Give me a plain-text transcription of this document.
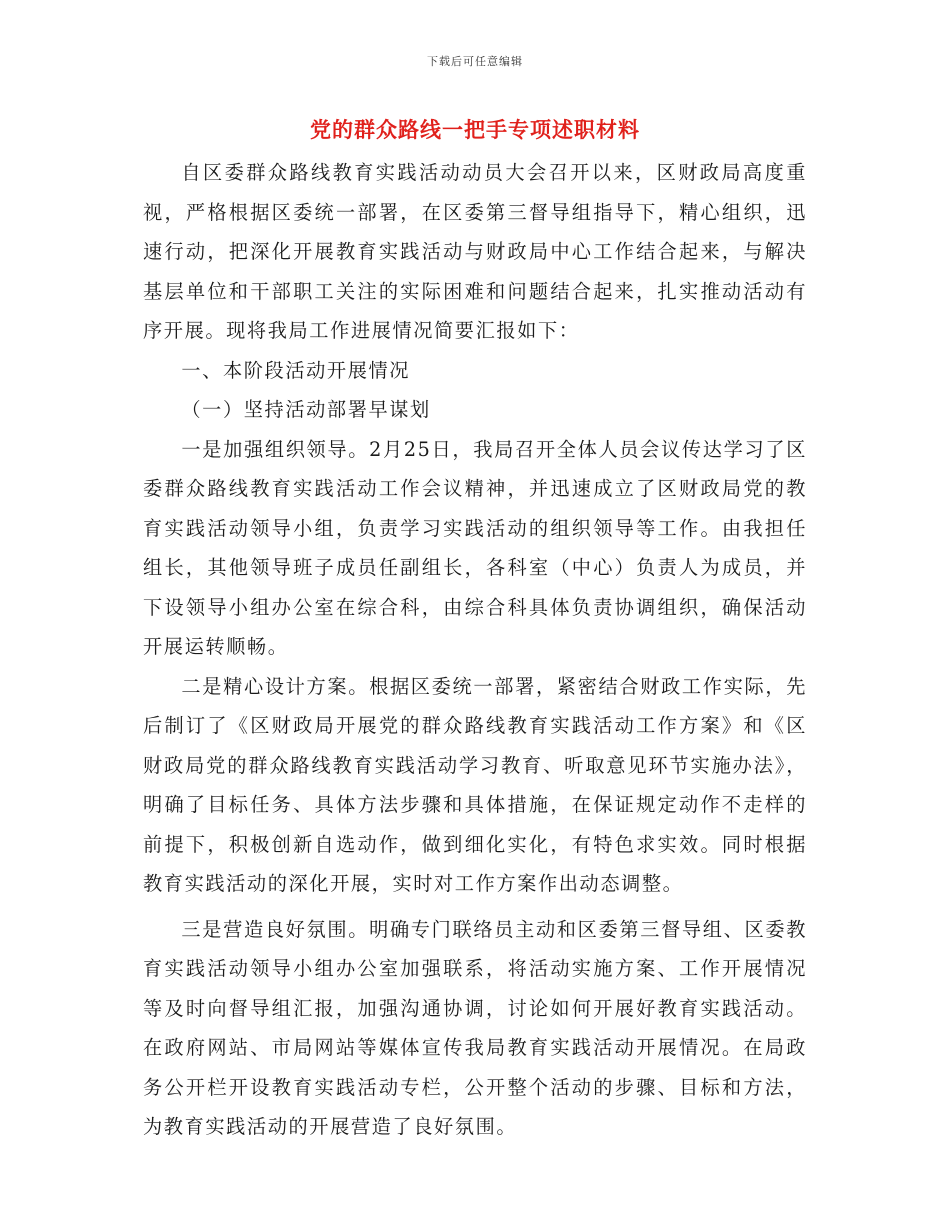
下载后可任意编辑
党的群众路线一把手专项述职材料

自区委群众路线教育实践活动动员大会召开以来，区财政局高度重视，严格根据区委统一部署，在区委第三督导组指导下，精心组织，迅速行动，把深化开展教育实践活动与财政局中心工作结合起来，与解决基层单位和干部职工关注的实际困难和问题结合起来，扎实推动活动有序开展。现将我局工作进展情况简要汇报如下：

一、本阶段活动开展情况

（一）坚持活动部署早谋划

一是加强组织领导。2月25日，我局召开全体人员会议传达学习了区委群众路线教育实践活动工作会议精神，并迅速成立了区财政局党的教育实践活动领导小组，负责学习实践活动的组织领导等工作。由我担任组长，其他领导班子成员任副组长，各科室（中心）负责人为成员，并下设领导小组办公室在综合科，由综合科具体负责协调组织，确保活动开展运转顺畅。

二是精心设计方案。根据区委统一部署，紧密结合财政工作实际，先后制订了《区财政局开展党的群众路线教育实践活动工作方案》和《区财政局党的群众路线教育实践活动学习教育、听取意见环节实施办法》，明确了目标任务、具体方法步骤和具体措施，在保证规定动作不走样的前提下，积极创新自选动作，做到细化实化，有特色求实效。同时根据教育实践活动的深化开展，实时对工作方案作出动态调整。

三是营造良好氛围。明确专门联络员主动和区委第三督导组、区委教育实践活动领导小组办公室加强联系，将活动实施方案、工作开展情况等及时向督导组汇报，加强沟通协调，讨论如何开展好教育实践活动。在政府网站、市局网站等媒体宣传我局教育实践活动开展情况。在局政务公开栏开设教育实践活动专栏，公开整个活动的步骤、目标和方法，为教育实践活动的开展营造了良好氛围。
